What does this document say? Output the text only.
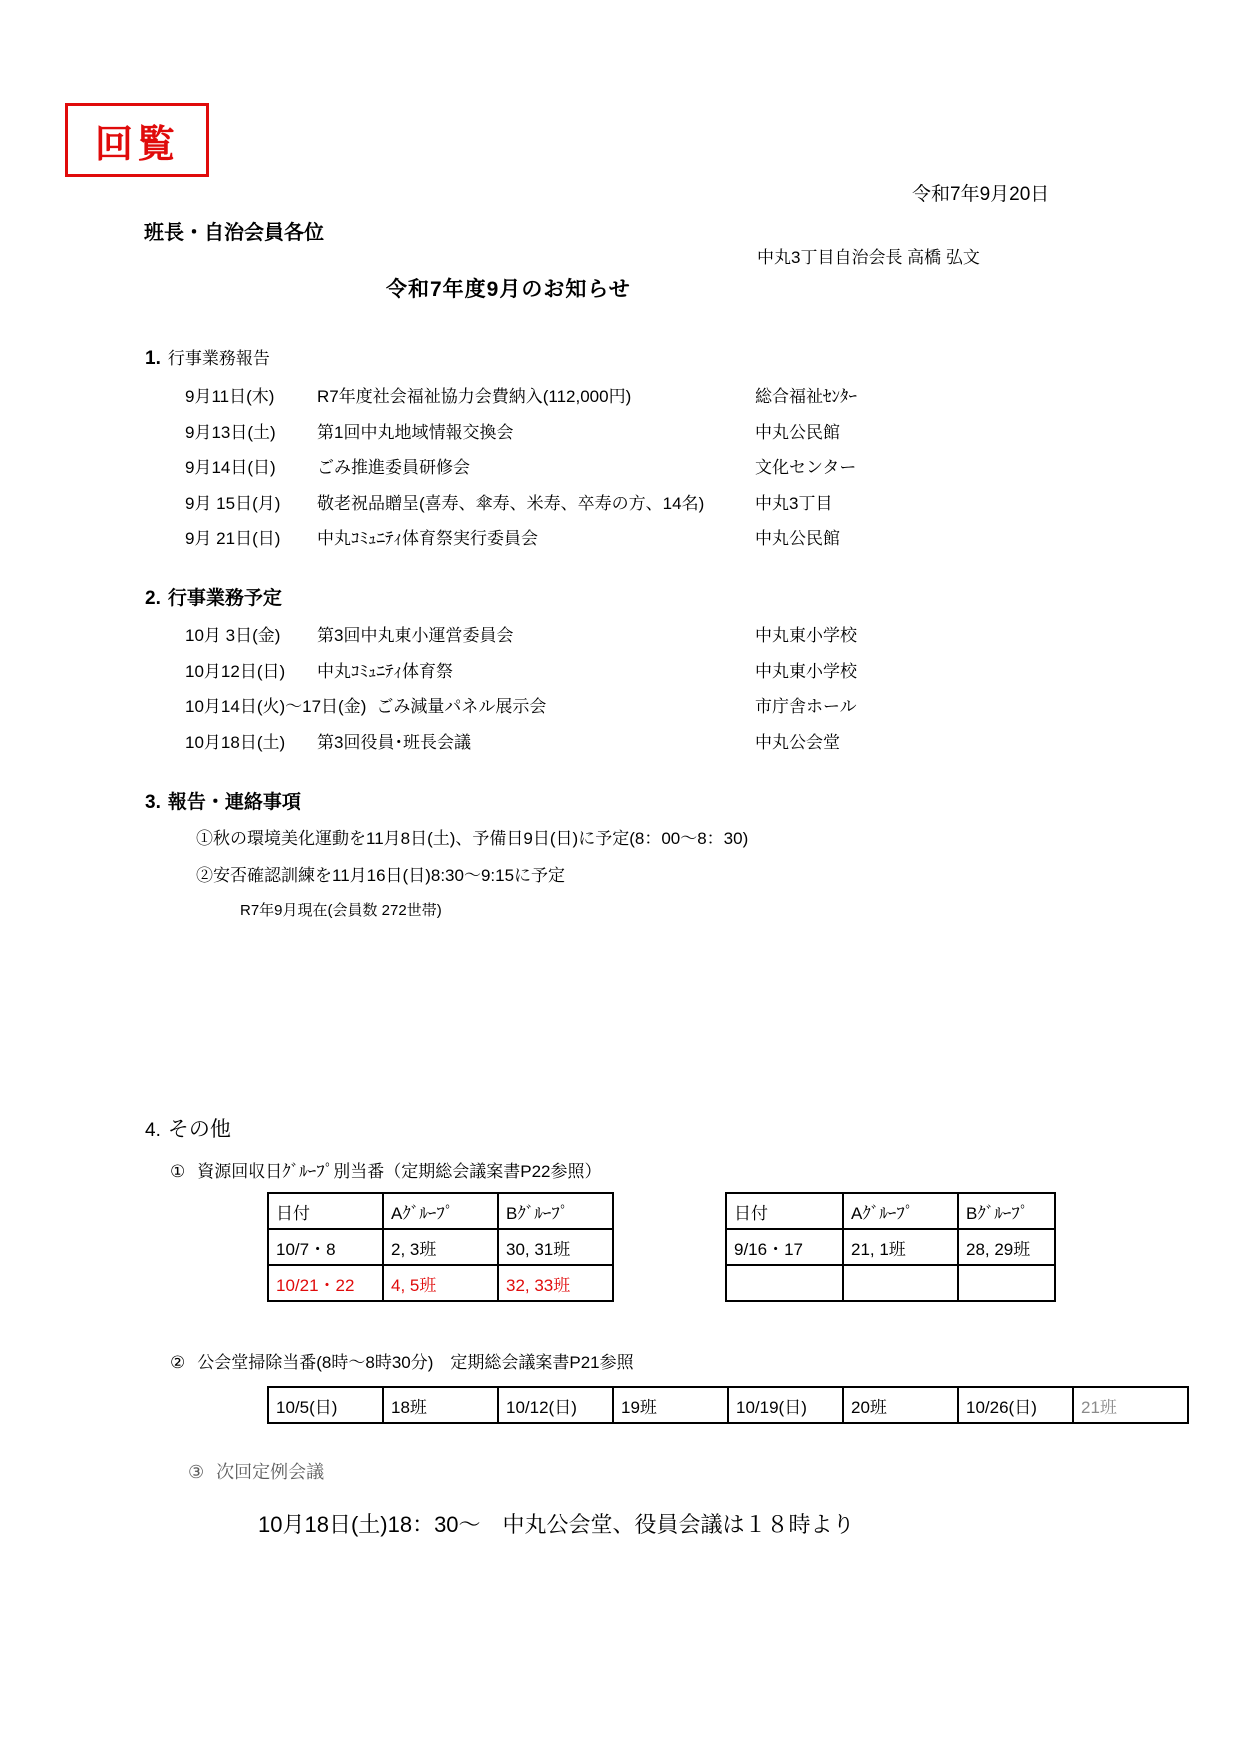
回覧
令和7年9月20日
班長・自治会員各位
中丸3丁目自治会長 高橋 弘文
令和7年度9月のお知らせ
1. 行事業務報告
9月11日(木)	R7年度社会福祉協力会費納入(112,000円)	総合福祉ｾﾝﾀｰ
9月13日(土)	第1回中丸地域情報交換会	中丸公民館
9月14日(日)	ごみ推進委員研修会	文化センター
9月 15日(月)	敬老祝品贈呈(喜寿、傘寿、米寿、卒寿の方、14名)	中丸3丁目
9月 21日(日)	中丸ｺﾐｭﾆﾃｨ体育祭実行委員会	中丸公民館
2. 行事業務予定
10月 3日(金)	第3回中丸東小運営委員会	中丸東小学校
10月12日(日)	中丸ｺﾐｭﾆﾃｨ体育祭	中丸東小学校
10月14日(火)～17日(金) ごみ減量パネル展示会	市庁舎ホール
10月18日(土)	第3回役員･班長会議	中丸公会堂
3. 報告・連絡事項
①秋の環境美化運動を11月8日(土)、予備日9日(日)に予定(8：00～8：30)
②安否確認訓練を11月16日(日)8:30～9:15に予定
R7年9月現在(会員数 272世帯)
4. その他
① 資源回収日ｸﾞﾙｰﾌﾟ別当番（定期総会議案書P22参照）
日付	Aｸﾞﾙｰﾌﾟ	Bｸﾞﾙｰﾌﾟ
10/7・8	2, 3班	30, 31班
10/21・22	4, 5班	32, 33班
日付	Aｸﾞﾙｰﾌﾟ	Bｸﾞﾙｰﾌﾟ
9/16・17	21, 1班	28, 29班

② 公会堂掃除当番(8時～8時30分)　定期総会議案書P21参照
10/5(日)	18班	10/12(日)	19班	10/19(日)	20班	10/26(日)	21班
③ 次回定例会議
10月18日(土)18：30～　中丸公会堂、役員会議は１８時より
